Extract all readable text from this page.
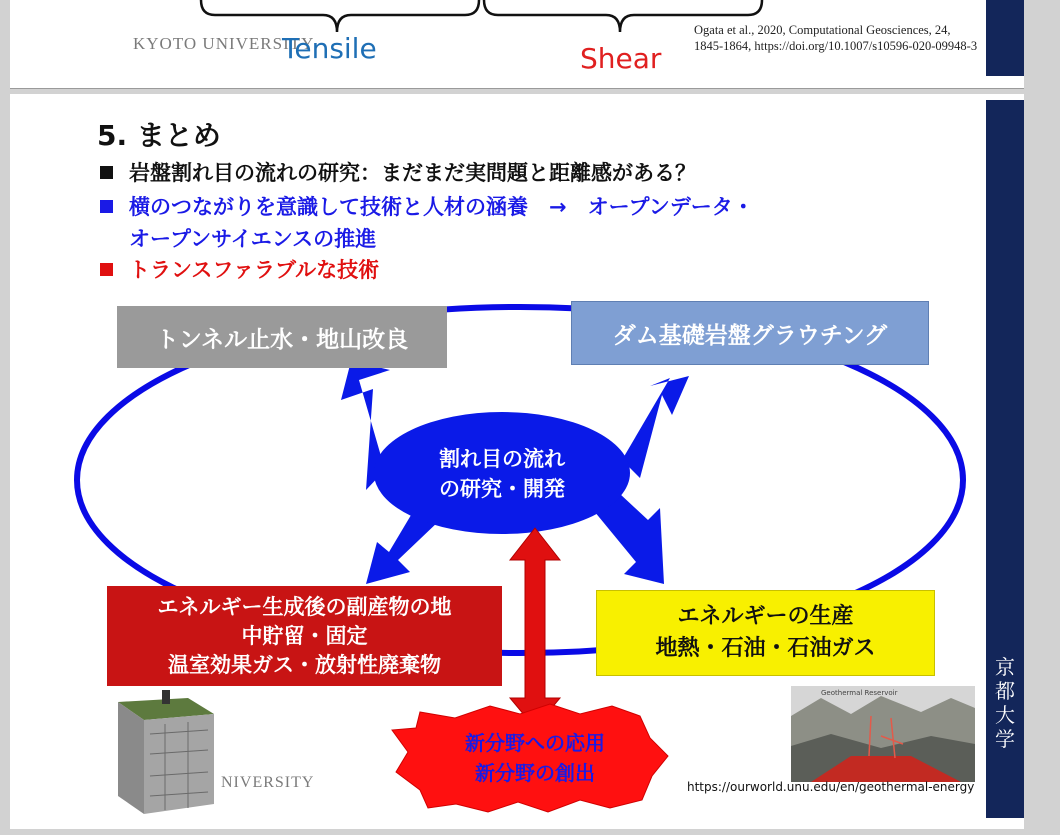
KYOTO UNIVERSITY
Tensile	Shear
Ogata et al., 2020, Computational Geosciences, 24, 1845-1864, https://doi.org/10.1007/s10596-020-09948-3
京
都
大
学
5. まとめ
岩盤割れ目の流れの研究：まだまだ実問題と距離感がある？
横のつながりを意識して技術と人材の涵養　→　オープンデータ・
オープンサイエンスの推進
トランスファラブルな技術
トンネル止水・地山改良	ダム基礎岩盤グラウチング
割れ目の流れ
の研究・開発
エネルギー生成後の副産物の地
中貯留・固定
温室効果ガス・放射性廃棄物
エネルギーの生産
地熱・石油・石油ガス
新分野への応用
新分野の創出
NIVERSITY
Geothermal Reservoir
https://ourworld.unu.edu/en/geothermal-energy
